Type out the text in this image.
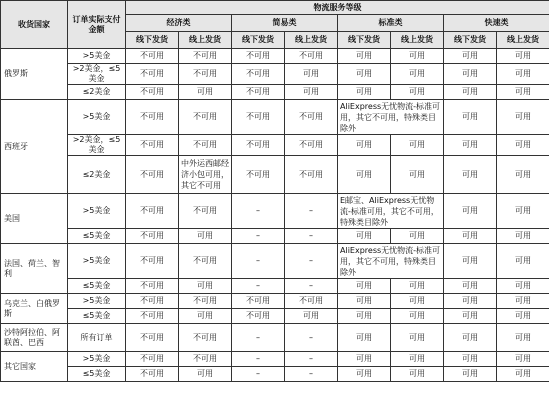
收货国家	订单实际支付金额	物流服务等级							
		经济类		简易类		标准类		快速类	
		线下发货	线上发货	线下发货	线上发货	线下发货	线上发货	线下发货	线上发货
俄罗斯	>5美金	不可用	不可用	不可用	不可用	可用	可用	可用	可用
	>2美金，≤5美金	不可用	不可用	不可用	可用	可用	可用	可用	可用
	≤2美金	不可用	可用	不可用	可用	可用	可用	可用	可用
西班牙	>5美金	不可用	不可用	不可用	不可用	AliExpress无忧物流-标准可用，其它不可用，特殊类目除外		可用	可用
	>2美金，≤5美金	不可用	不可用	不可用	不可用	可用	可用	可用	可用
	≤2美金	不可用	中外运西邮经济小包可用，其它不可用	不可用	不可用	可用	可用	可用	可用
美国	>5美金	不可用	不可用	–	–	E邮宝、AliExpress无忧物流-标准可用，其它不可用，特殊类目除外		可用	可用
	≤5美金	不可用	可用	–	–	可用	可用	可用	可用
法国、荷兰、智利	>5美金	不可用	不可用	–	–	AliExpress无忧物流-标准可用，其它不可用，特殊类目除外		可用	可用
	≤5美金	不可用	可用	–	–	可用	可用	可用	可用
乌克兰、白俄罗斯	>5美金	不可用	不可用	不可用	不可用	可用	可用	可用	可用
	≤5美金	不可用	可用	不可用	可用	可用	可用	可用	可用
沙特阿拉伯、阿联酋、巴西	所有订单	不可用	不可用	–	–	可用	可用	可用	可用
其它国家	>5美金	不可用	不可用	–	–	可用	可用	可用	可用
	≤5美金	不可用	可用	–	–	可用	可用	可用	可用
